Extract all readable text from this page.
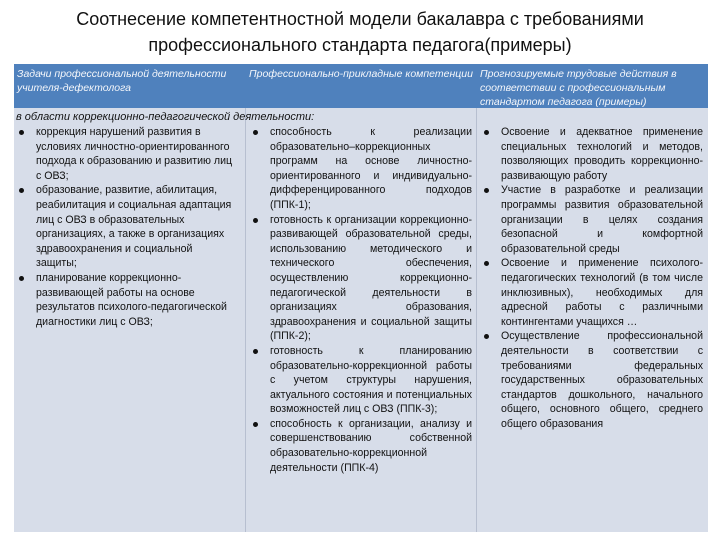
Соотнесение компетентностной модели бакалавра с требованиями
профессионального стандарта педагога(примеры)
Задачи профессиональной деятельности учителя-дефектолога
Профессионально-прикладные компетенции Прогнозируемые трудовые действия в соответствии с профессиональным стандартом педагога (примеры)
в области коррекционно-педагогической деятельности:
коррекция нарушений развития в условиях личностно-ориентированного подхода к образованию и развитию лиц с ОВЗ;
образование, развитие, абилитация, реабилитация и социальная адаптация лиц с ОВЗ в образовательных организациях, а также в организациях здравоохранения и социальной защиты;
планирование коррекционно-развивающей работы на основе результатов психолого-педагогической диагностики лиц с ОВЗ;
способность к реализации образовательно–коррекционных программ на основе личностно-ориентированного и индивидуально-дифференцированного подходов (ППК-1);
готовность к организации коррекционно-развивающей образовательной среды, использованию методического и технического обеспечения, осуществлению коррекционно-педагогической деятельности в организациях образования, здравоохранения и социальной защиты (ППК-2);
готовность к планированию образовательно-коррекционной работы с учетом структуры нарушения, актуального состояния и потенциальных возможностей лиц с ОВЗ (ППК-3);
способность к организации, анализу и совершенствованию собственной образовательно-коррекционной деятельности (ППК-4)
Освоение и адекватное применение специальных технологий и методов, позволяющих проводить коррекционно-развивающую работу
Участие в разработке и реализации программы развития образовательной организации в целях создания безопасной и комфортной образовательной среды
Освоение и применение психолого-педагогических технологий (в том числе инклюзивных), необходимых для адресной работы с различными контингентами учащихся …
Осуществление профессиональной деятельности в соответствии с требованиями федеральных государственных образовательных стандартов дошкольного, начального общего, основного общего, среднего общего образования
